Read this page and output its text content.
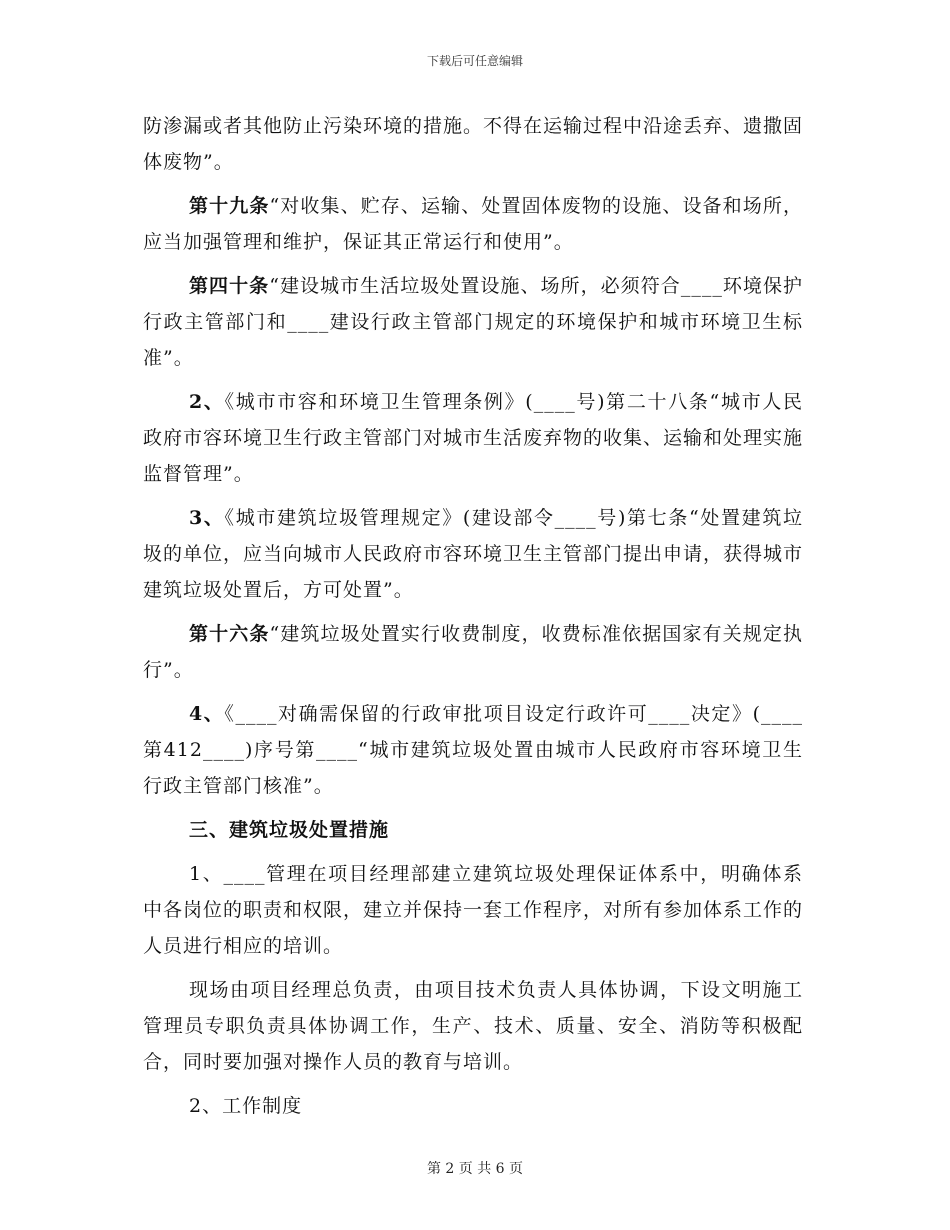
下载后可任意编辑

防渗漏或者其他防止污染环境的措施。不得在运输过程中沿途丢弃、遗撒固体废物”。

第十九条“对收集、贮存、运输、处置固体废物的设施、设备和场所，应当加强管理和维护，保证其正常运行和使用”。

第四十条“建设城市生活垃圾处置设施、场所，必须符合____环境保护行政主管部门和____建设行政主管部门规定的环境保护和城市环境卫生标准”。

2、《城市市容和环境卫生管理条例》(____号)第二十八条“城市人民政府市容环境卫生行政主管部门对城市生活废弃物的收集、运输和处理实施监督管理”。

3、《城市建筑垃圾管理规定》(建设部令____号)第七条“处置建筑垃圾的单位，应当向城市人民政府市容环境卫生主管部门提出申请，获得城市建筑垃圾处置后，方可处置”。

第十六条“建筑垃圾处置实行收费制度，收费标准依据国家有关规定执行”。

4、《____对确需保留的行政审批项目设定行政许可____决定》(____第412____)序号第____“城市建筑垃圾处置由城市人民政府市容环境卫生行政主管部门核准”。

三、建筑垃圾处置措施

1、____管理在项目经理部建立建筑垃圾处理保证体系中，明确体系中各岗位的职责和权限，建立并保持一套工作程序，对所有参加体系工作的人员进行相应的培训。

现场由项目经理总负责，由项目技术负责人具体协调，下设文明施工管理员专职负责具体协调工作，生产、技术、质量、安全、消防等积极配合，同时要加强对操作人员的教育与培训。

2、工作制度

第 2 页 共 6 页
